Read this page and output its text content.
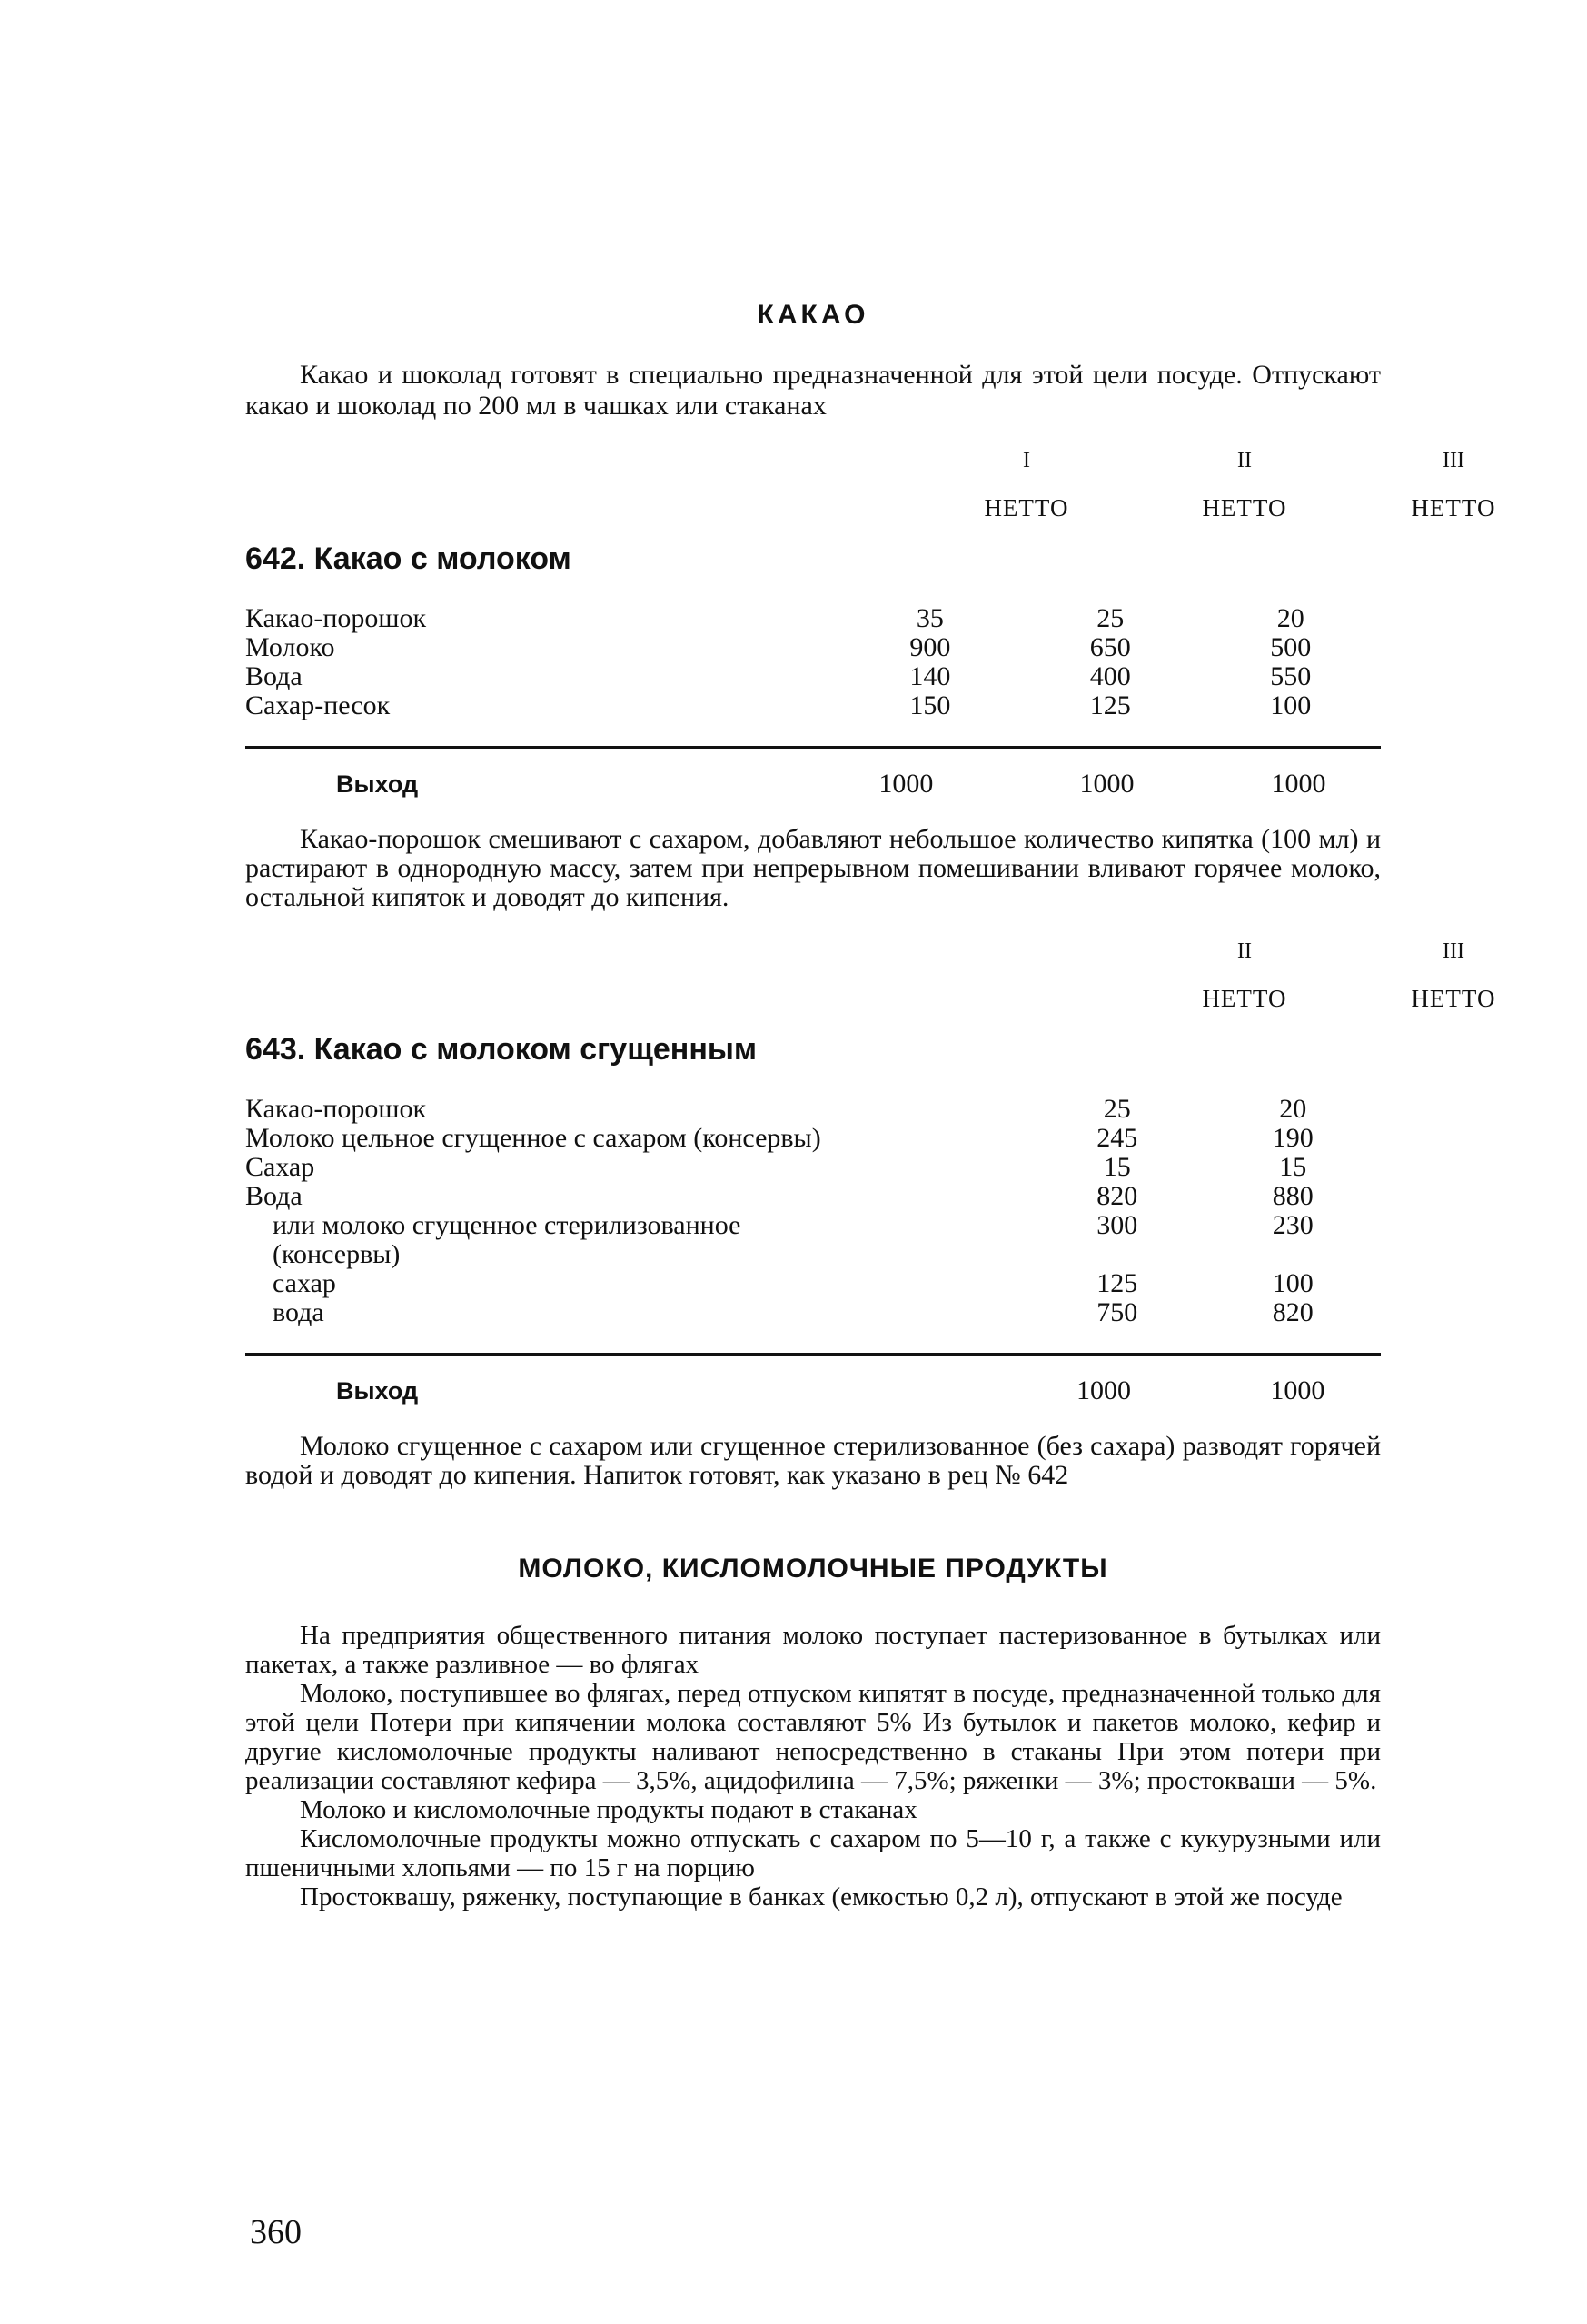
КАКАО

Какао и шоколад готовят в специально предназначенной для этой цели посуде. Отпускают какао и шоколад по 200 мл в чашках или стаканах

I	II	III
НЕТТО	НЕТТО	НЕТТО
642. Какао с молоком
Какао-порошок	35	25	20
Молоко	900	650	500
Вода	140	400	550
Сахар-песок	150	125	100
Выход	1000	1000	1000

Какао-порошок смешивают с сахаром, добавляют небольшое количество кипятка (100 мл) и растирают в однородную массу, затем при непрерывном помешивании вливают горячее молоко, остальной кипяток и доводят до кипения.

II	III
НЕТТО	НЕТТО
643. Какао с молоком сгущенным
Какао-порошок		25	20
Молоко цельное сгущенное с сахаром (консервы)		245	190
Сахар		15	15
Вода		820	880
или молоко сгущенное стерилизованное (консервы)		300	230
сахар		125	100
вода		750	820
Выход	1000	1000

Молоко сгущенное с сахаром или сгущенное стерилизованное (без сахара) разводят горячей водой и доводят до кипения. Напиток готовят, как указано в рец № 642

МОЛОКО, КИСЛОМОЛОЧНЫЕ ПРОДУКТЫ

На предприятия общественного питания молоко поступает пастеризованное в бутылках или пакетах, а также разливное — во флягах

Молоко, поступившее во флягах, перед отпуском кипятят в посуде, предназначенной только для этой цели Потери при кипячении молока составляют 5% Из бутылок и пакетов молоко, кефир и другие кисломолочные продукты наливают непосредственно в стаканы При этом потери при реализации составляют кефира — 3,5%, ацидофилина — 7,5%; ряженки — 3%; простокваши — 5%.

Молоко и кисломолочные продукты подают в стаканах

Кисломолочные продукты можно отпускать с сахаром по 5—10 г, а также с кукурузными или пшеничными хлопьями — по 15 г на порцию

Простоквашу, ряженку, поступающие в банках (емкостью 0,2 л), отпускают в этой же посуде

360
